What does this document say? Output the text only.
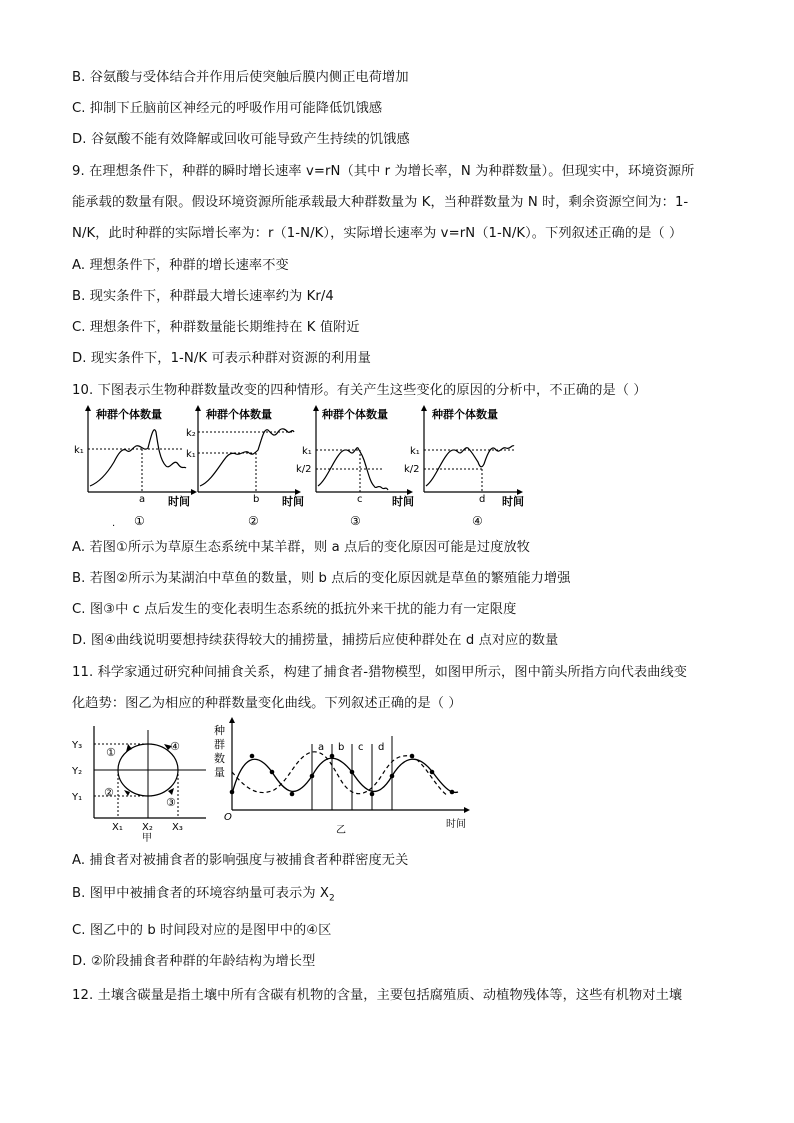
B. 谷氨酸与受体结合并作用后使突触后膜内侧正电荷增加
C. 抑制下丘脑前区神经元的呼吸作用可能降低饥饿感
D. 谷氨酸不能有效降解或回收可能导致产生持续的饥饿感
9. 在理想条件下，种群的瞬时增长速率 v=rN（其中 r 为增长率，N 为种群数量）。但现实中，环境资源所
能承载的数量有限。假设环境资源所能承载最大种群数量为 K，当种群数量为 N 时，剩余资源空间为：1-
N/K，此时种群的实际增长率为：r（1-N/K），实际增长速率为 v=rN（1-N/K）。下列叙述正确的是（ ）
A. 理想条件下，种群的增长速率不变
B. 现实条件下，种群最大增长速率约为 Kr/4
C. 理想条件下，种群数量能长期维持在 K 值附近
D. 现实条件下，1-N/K 可表示种群对资源的利用量
10. 下图表示生物种群数量改变的四种情形。有关产生这些变化的原因的分析中，不正确的是（ ）
种群个体数量
k₁
a 时间
. ①
种群个体数量
k₂
k₁
b 时间
②
种群个体数量
k₁
k/2
c	时间
③
种群个体数量
k₁
k/2
d 时间
④
A. 若图①所示为草原生态系统中某羊群，则 a 点后的变化原因可能是过度放牧
B. 若图②所示为某湖泊中草鱼的数量，则 b 点后的变化原因就是草鱼的繁殖能力增强
C. 图③中 c 点后发生的变化表明生态系统的抵抗外来干扰的能力有一定限度
D. 图④曲线说明要想持续获得较大的捕捞量，捕捞后应使种群处在 d 点对应的数量
11. 科学家通过研究种间捕食关系，构建了捕食者-猎物模型，如图甲所示，图中箭头所指方向代表曲线变
化趋势：图乙为相应的种群数量变化曲线。下列叙述正确的是（ ）
Y₃
Y₂
Y₁
X₁ X₂ X₃
①	④
②
③
甲
种
群
数
量
O
时间
乙
a b c d
A. 捕食者对被捕食者的影响强度与被捕食者种群密度无关
B. 图甲中被捕食者的环境容纳量可表示为 $X_2$
C. 图乙中的 b 时间段对应的是图甲中的④区
D. ②阶段捕食者种群的年龄结构为增长型
12. 土壤含碳量是指土壤中所有含碳有机物的含量，主要包括腐殖质、动植物残体等，这些有机物对土壤
